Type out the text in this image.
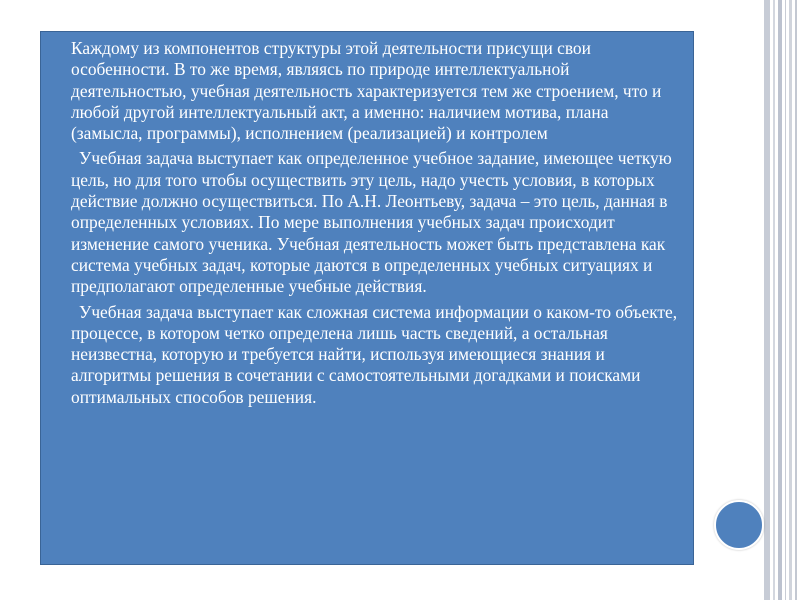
Каждому из компонентов структуры этой деятельности присущи свои особенности. В то же время, являясь по природе интеллектуальной деятельностью, учебная деятельность характеризуется тем же строением, что и любой другой интеллектуальный акт, а именно: наличием мотива, плана (замысла, программы), исполнением (реализацией) и контролем

Учебная задача выступает как определенное учебное задание, имеющее четкую цель, но для того чтобы осуществить эту цель, надо учесть условия, в которых действие должно осуществиться. По А.Н. Леонтьеву, задача – это цель, данная в определенных условиях. По мере выполнения учебных задач происходит изменение самого ученика. Учебная деятельность может быть представлена как система учебных задач, которые даются в определенных учебных ситуациях и предполагают определенные учебные действия.

Учебная задача выступает как сложная система информации о каком-то объекте, процессе, в котором четко определена лишь часть сведений, а остальная неизвестна, которую и требуется найти, используя имеющиеся знания и алгоритмы решения в сочетании с самостоятельными догадками и поисками оптимальных способов решения.
